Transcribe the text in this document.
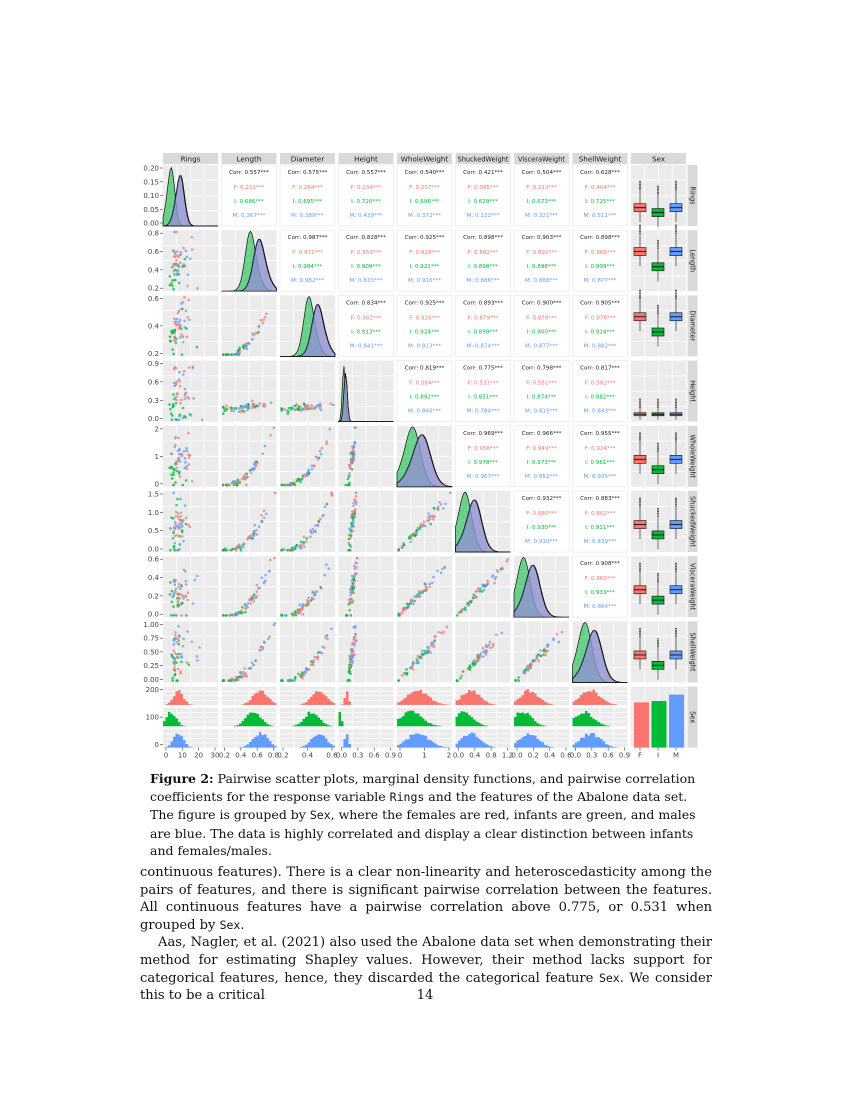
Rings	Length	Diameter	Height	WholeWeight ShuckedWeight VisceraWeight ShellWeight	Sex
Rings
Length
Diameter
Height
WholeWeight
ShuckedWeight
VisceraWeight
ShellWeight
Sex
0.20
0.15
0.10
0.05
0.00
0.8
0.6
0.4
0.2
0.6
0.4
0.2
0.9
0.6
0.3
0.0
2
1
0
1.5
1.0
0.5
0.0
0.6
0.4
0.2
0.0
1.00
0.75
0.50
0.25
0.00
200
100
0
0 10 20 30 0.2 0.4 0.6 0.8
0.2 0.4 0.6
0.0 0.3 0.6 0.9 0	1	2 0.0 0.4 0.8 1.2
0.0 0.2 0.4 0.6
0.0 0.3 0.6 0.9 F I M
Corr: 0.557***
F: 0.231***
I: 0.686***
M: 0.367***
Corr: 0.575***
F: 0.264***
I: 0.695***
M: 0.389***
Corr: 0.557***
F: 0.234***
I: 0.720***
M: 0.439***
Corr: 0.540***
F: 0.207***
I: 0.696***
M: 0.372***
Corr: 0.421***
F: 0.095***
I: 0.629***
M: 0.222***
Corr: 0.504***
F: 0.212***
I: 0.673***
M: 0.321***
Corr: 0.628***
F: 0.404***
I: 0.725***
M: 0.511***
Corr: 0.987***
F: 0.971***
I: 0.984***
M: 0.982***
Corr: 0.828***
F: 0.553***
I: 0.909***
M: 0.833***
Corr: 0.925***
F: 0.828***
I: 0.921***
M: 0.916***
Corr: 0.898***
F: 0.882***
I: 0.898***
M: 0.886***
Corr: 0.903***
F: 0.891***
I: 0.898***
M: 0.888***
Corr: 0.898***
F: 0.865***
I: 0.909***
M: 0.877***
Corr: 0.834***
F: 0.562***
I: 0.913***
M: 0.841***
Corr: 0.925***
F: 0.926***
I: 0.924***
M: 0.913***
Corr: 0.893***
F: 0.879***
I: 0.899***
M: 0.874***
Corr: 0.900***
F: 0.878***
I: 0.900***
M: 0.877***
Corr: 0.905***
F: 0.876***
I: 0.914***
M: 0.882***
Corr: 0.819***
F: 0.584***
I: 0.892***
M: 0.845***
Corr: 0.775***
F: 0.531***
I: 0.851***
M: 0.784***
Corr: 0.798***
F: 0.551***
I: 0.874***
M: 0.815***
Corr: 0.817***
F: 0.582***
I: 0.882***
M: 0.843***
Corr: 0.969***
F: 0.958***
I: 0.978***
M: 0.967***
Corr: 0.966***
F: 0.949***
I: 0.973***
M: 0.952***
Corr: 0.955***
F: 0.924***
I: 0.961***
M: 0.935***
Corr: 0.932***
F: 0.880***
I: 0.930***
M: 0.910***
Corr: 0.883***
F: 0.802***
I: 0.911***
M: 0.839***
Corr: 0.908***
F: 0.860***
I: 0.933***
M: 0.864***
Figure 2: Pairwise scatter plots, marginal density functions, and pairwise correlation coefficients for the response variable Rings and the features of the Abalone data set. The figure is grouped by Sex, where the females are red, infants are green, and males are blue. The data is highly correlated and display a clear distinction between infants and females/males.

continuous features). There is a clear non-linearity and heteroscedasticity among the pairs of features, and there is significant pairwise correlation between the features. All continuous features have a pairwise correlation above 0.775, or 0.531 when grouped by Sex.

Aas, Nagler, et al. (2021) also used the Abalone data set when demonstrating their method for estimating Shapley values. However, their method lacks support for categorical features, hence, they discarded the categorical feature Sex. We consider this to be a critical	14
